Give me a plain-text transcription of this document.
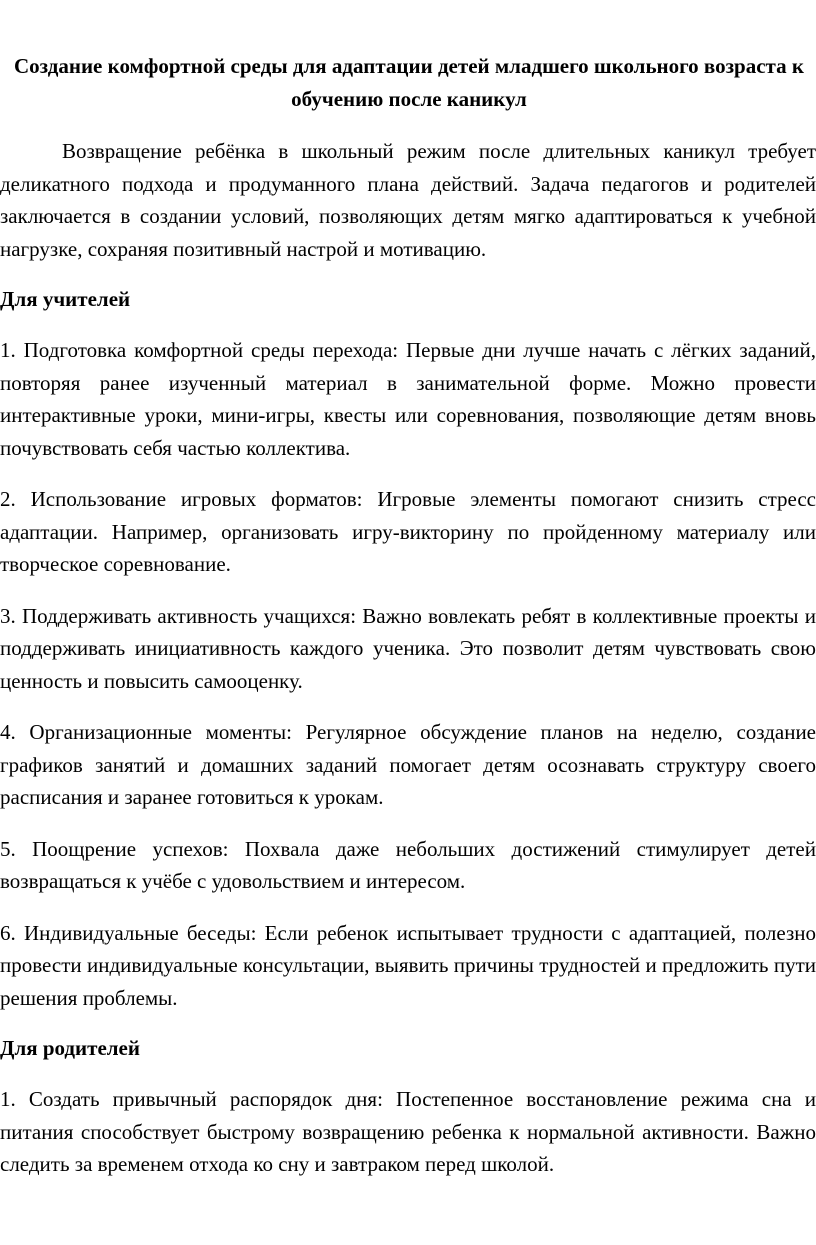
Создание комфортной среды для адаптации детей младшего школьного возраста к обучению после каникул
Возвращение ребёнка в школьный режим после длительных каникул требует деликатного подхода и продуманного плана действий. Задача педагогов и родителей заключается в создании условий, позволяющих детям мягко адаптироваться к учебной нагрузке, сохраняя позитивный настрой и мотивацию.
Для учителей
1. Подготовка комфортной среды перехода: Первые дни лучше начать с лёгких заданий, повторяя ранее изученный материал в занимательной форме. Можно провести интерактивные уроки, мини-игры, квесты или соревнования, позволяющие детям вновь почувствовать себя частью коллектива.
2. Использование игровых форматов: Игровые элементы помогают снизить стресс адаптации. Например, организовать игру-викторину по пройденному материалу или творческое соревнование.
3. Поддерживать активность учащихся: Важно вовлекать ребят в коллективные проекты и поддерживать инициативность каждого ученика. Это позволит детям чувствовать свою ценность и повысить самооценку.
4. Организационные моменты: Регулярное обсуждение планов на неделю, создание графиков занятий и домашних заданий помогает детям осознавать структуру своего расписания и заранее готовиться к урокам.
5. Поощрение успехов: Похвала даже небольших достижений стимулирует детей возвращаться к учёбе с удовольствием и интересом.
6. Индивидуальные беседы: Если ребенок испытывает трудности с адаптацией, полезно провести индивидуальные консультации, выявить причины трудностей и предложить пути решения проблемы.
Для родителей
1. Создать привычный распорядок дня: Постепенное восстановление режима сна и питания способствует быстрому возвращению ребенка к нормальной активности. Важно следить за временем отхода ко сну и завтраком перед школой.
